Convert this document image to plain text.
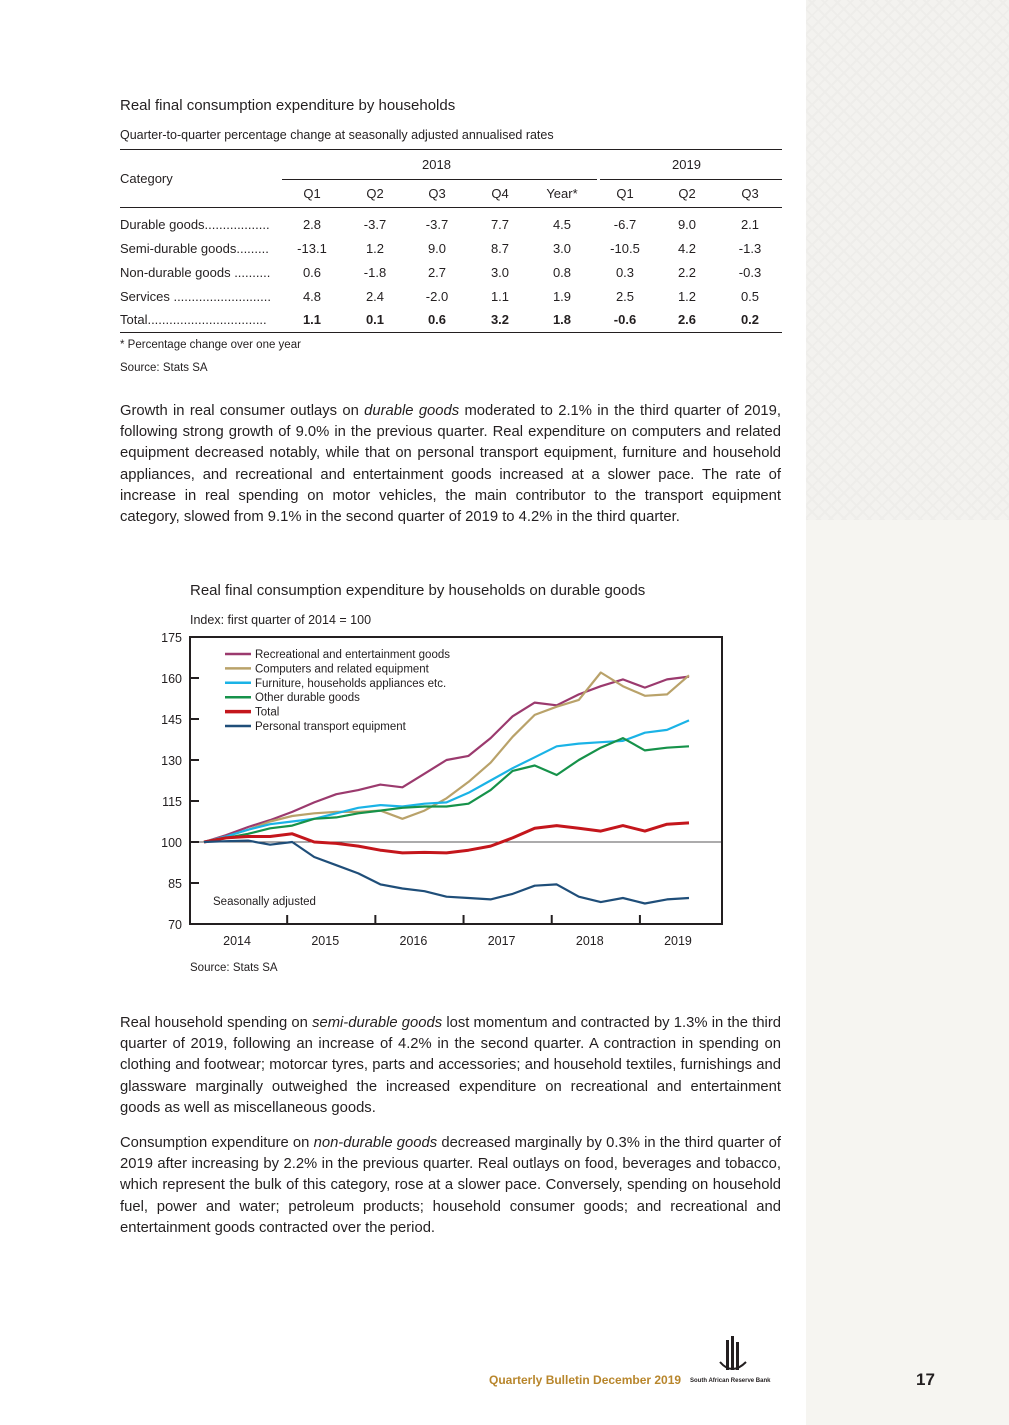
Real final consumption expenditure by households
Quarter-to-quarter percentage change at seasonally adjusted annualised rates
Category
2018	2019
Q1	Q2	Q3	Q4	Year*	Q1	Q2	Q3
Durable goods..................	2.8	-3.7	-3.7	7.7	4.5	-6.7	9.0	2.1
Semi-durable goods.........	-13.1	1.2	9.0	8.7	3.0	-10.5	4.2	-1.3
Non-durable goods ..........	0.6	-1.8	2.7	3.0	0.8	0.3	2.2	-0.3
Services ...........................	4.8	2.4	-2.0	1.1	1.9	2.5	1.2	0.5
Total.................................	1.1	0.1	0.6	3.2	1.8	-0.6	2.6	0.2
* Percentage change over one year
Source: Stats SA
Growth in real consumer outlays on durable goods moderated to 2.1% in the third quarter of 2019, following strong growth of 9.0% in the previous quarter. Real expenditure on computers and related equipment decreased notably, while that on personal transport equipment, furniture and household appliances, and recreational and entertainment goods increased at a slower pace. The rate of increase in real spending on motor vehicles, the main contributor to the transport equipment category, slowed from 9.1% in the second quarter of 2019 to 4.2% in the third quarter.
Real final consumption expenditure by households on durable goods
Index: first quarter of 2014 = 100
70
85
100
115
130
145
160
175
2014	2015	2016	2017	2018	2019
Recreational and entertainment goods
Computers and related equipment
Furniture, households appliances etc.
Other durable goods
Total
Personal transport equipment
Seasonally adjusted
Source: Stats SA
Real household spending on semi-durable goods lost momentum and contracted by 1.3% in the third quarter of 2019, following an increase of 4.2% in the second quarter. A contraction in spending on clothing and footwear; motorcar tyres, parts and accessories; and household textiles, furnishings and glassware marginally outweighed the increased expenditure on recreational and entertainment goods as well as miscellaneous goods.
Consumption expenditure on non-durable goods decreased marginally by 0.3% in the third quarter of 2019 after increasing by 2.2% in the previous quarter. Real outlays on food, beverages and tobacco, which represent the bulk of this category, rose at a slower pace. Conversely, spending on household fuel, power and water; petroleum products; household consumer goods; and recreational and entertainment goods contracted over the period.
Quarterly Bulletin December 2019 South African Reserve Bank	17
